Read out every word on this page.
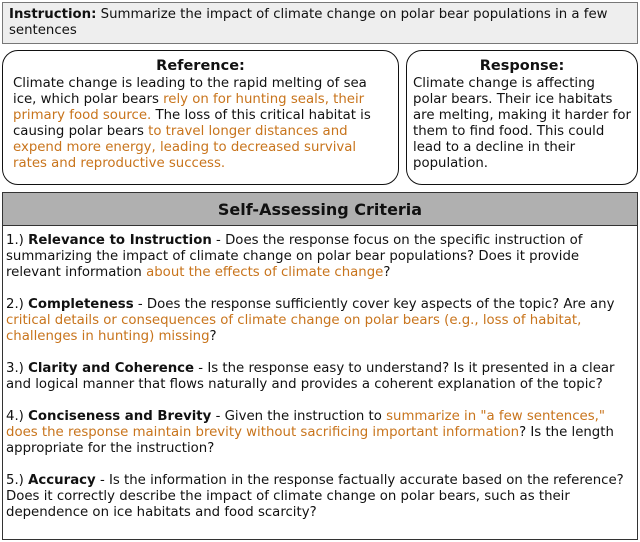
Instruction: Summarize the impact of climate change on polar bear populations in a few sentences
Reference:
Climate change is leading to the rapid melting of sea ice, which polar bears rely on for hunting seals, their primary food source. The loss of this critical habitat is causing polar bears to travel longer distances and expend more energy, leading to decreased survival rates and reproductive success.
Response:
Climate change is affecting polar bears. Their ice habitats are melting, making it harder for them to find food. This could lead to a decline in their population.
Self-Assessing Criteria
1.) Relevance to Instruction - Does the response focus on the specific instruction of summarizing the impact of climate change on polar bear populations? Does it provide relevant information about the effects of climate change?
2.) Completeness - Does the response sufficiently cover key aspects of the topic? Are any critical details or consequences of climate change on polar bears (e.g., loss of habitat, challenges in hunting) missing?
3.) Clarity and Coherence - Is the response easy to understand? Is it presented in a clear and logical manner that flows naturally and provides a coherent explanation of the topic?
4.) Conciseness and Brevity - Given the instruction to summarize in "a few sentences," does the response maintain brevity without sacrificing important information? Is the length appropriate for the instruction?
5.) Accuracy - Is the information in the response factually accurate based on the reference? Does it correctly describe the impact of climate change on polar bears, such as their dependence on ice habitats and food scarcity?
